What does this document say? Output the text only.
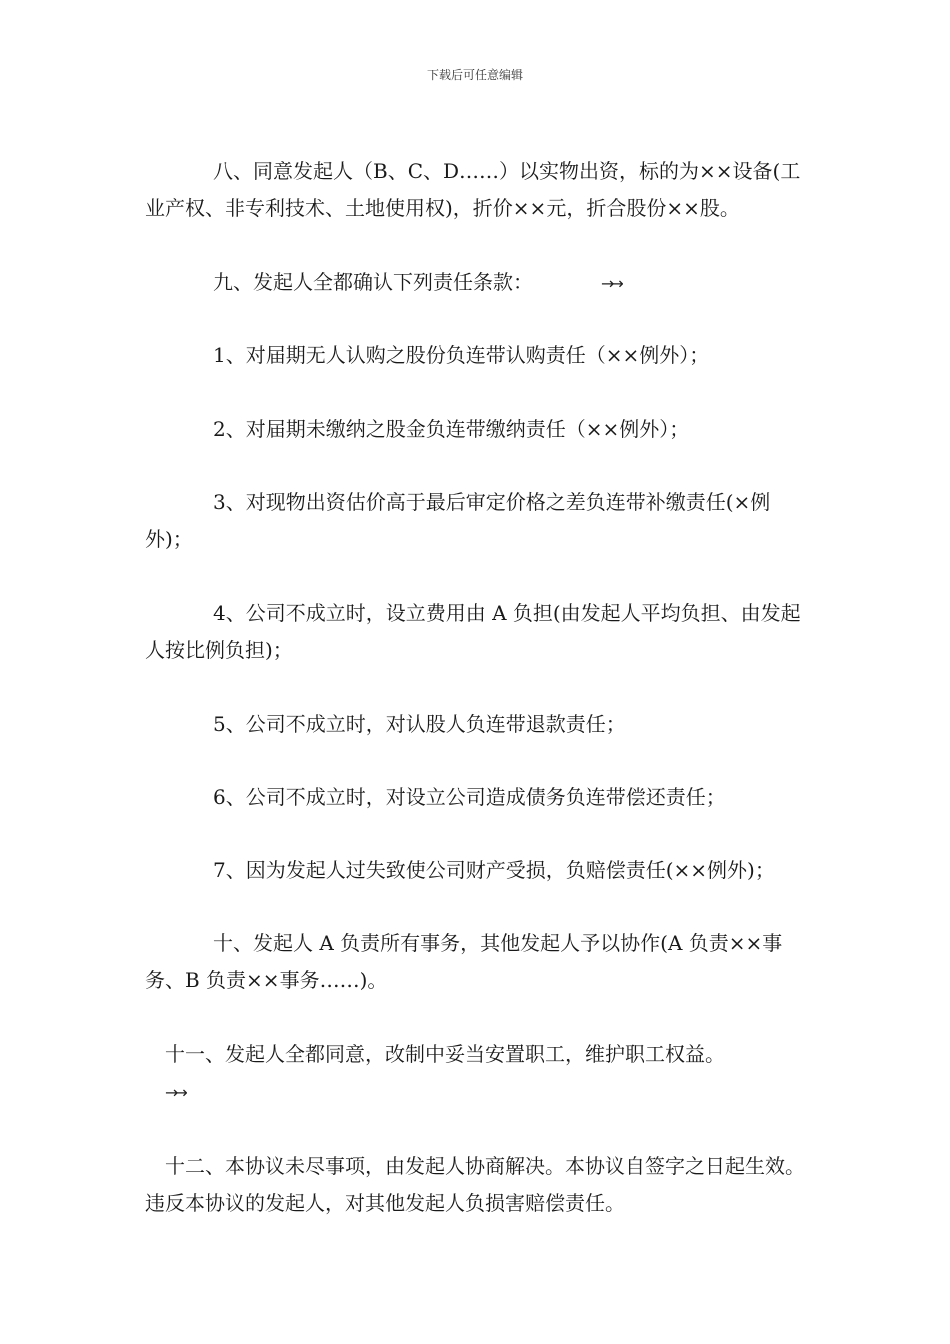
下载后可任意编辑

八、同意发起人（B、C、D……）以实物出资，标的为××设备(工业产权、非专利技术、土地使用权)，折价××元，折合股份××股。

九、发起人全都确认下列责任条款：	→→

1、对届期无人认购之股份负连带认购责任（××例外）；

2、对届期未缴纳之股金负连带缴纳责任（××例外）；

3、对现物出资估价高于最后审定价格之差负连带补缴责任(×例外)；

4、公司不成立时，设立费用由 A 负担(由发起人平均负担、由发起人按比例负担)；

5、公司不成立时，对认股人负连带退款责任；

6、公司不成立时，对设立公司造成债务负连带偿还责任；

7、因为发起人过失致使公司财产受损，负赔偿责任(××例外)；

十、发起人 A 负责所有事务，其他发起人予以协作(A 负责××事务、B 负责××事务……)。

十一、发起人全都同意，改制中妥当安置职工，维护职工权益。
→→

十二、本协议未尽事项，由发起人协商解决。本协议自签字之日起生效。违反本协议的发起人，对其他发起人负损害赔偿责任。
